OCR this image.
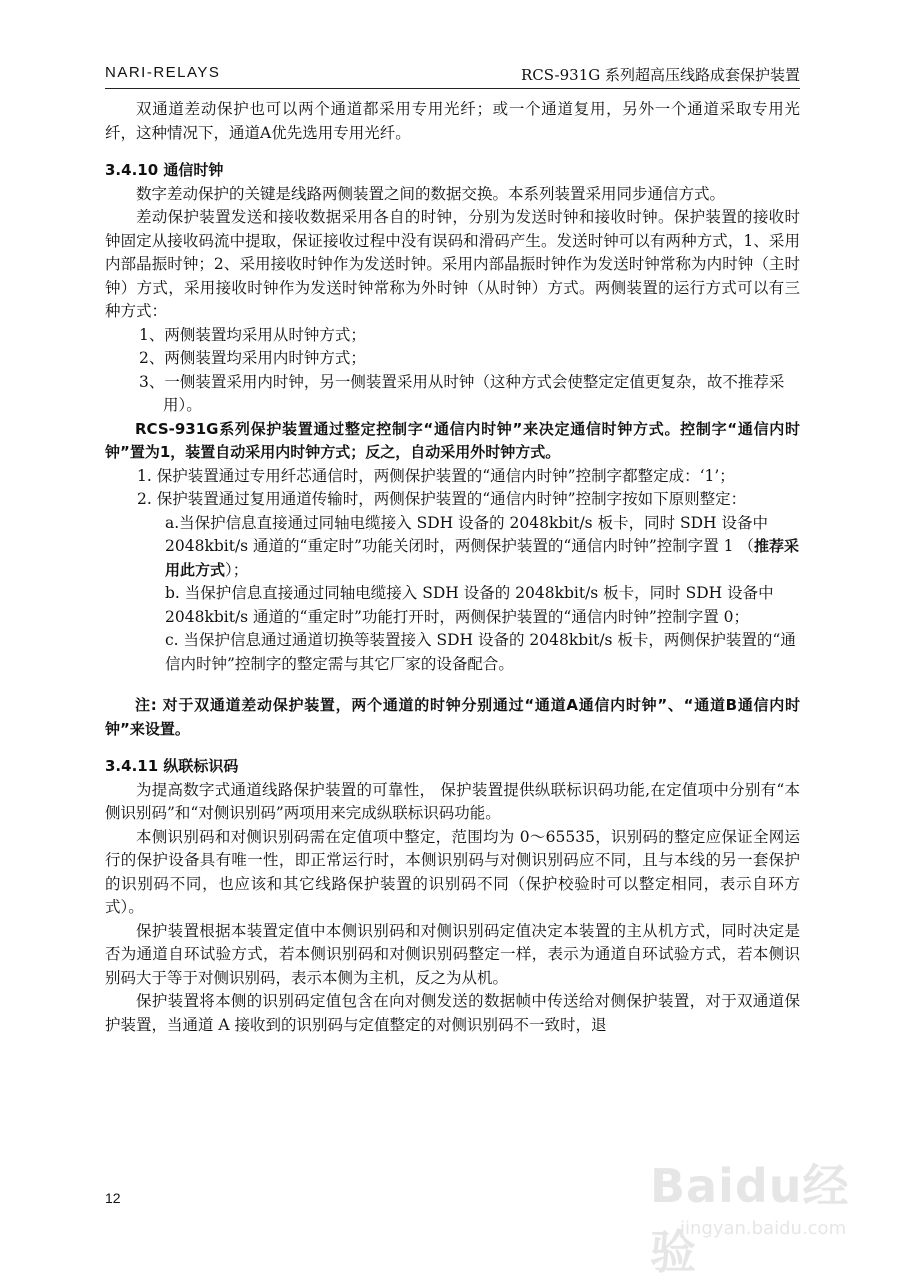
NARI-RELAYS	RCS-931G 系列超高压线路成套保护装置

双通道差动保护也可以两个通道都采用专用光纤；或一个通道复用，另外一个通道采取专用光纤，这种情况下，通道A优先选用专用光纤。

3.4.10 通信时钟

数字差动保护的关键是线路两侧装置之间的数据交换。本系列装置采用同步通信方式。

差动保护装置发送和接收数据采用各自的时钟，分别为发送时钟和接收时钟。保护装置的接收时钟固定从接收码流中提取，保证接收过程中没有误码和滑码产生。发送时钟可以有两种方式，1、采用内部晶振时钟；2、采用接收时钟作为发送时钟。采用内部晶振时钟作为发送时钟常称为内时钟（主时钟）方式，采用接收时钟作为发送时钟常称为外时钟（从时钟）方式。两侧装置的运行方式可以有三种方式：

1、两侧装置均采用从时钟方式；

2、两侧装置均采用内时钟方式；

3、一侧装置采用内时钟，另一侧装置采用从时钟（这种方式会使整定定值更复杂，故不推荐采用）。

RCS-931G系列保护装置通过整定控制字“通信内时钟”来决定通信时钟方式。控制字“通信内时钟”置为1，装置自动采用内时钟方式；反之，自动采用外时钟方式。

1. 保护装置通过专用纤芯通信时，两侧保护装置的“通信内时钟”控制字都整定成：‘1’；

2. 保护装置通过复用通道传输时，两侧保护装置的“通信内时钟”控制字按如下原则整定：

a.当保护信息直接通过同轴电缆接入 SDH 设备的 2048kbit/s 板卡，同时 SDH 设备中 2048kbit/s 通道的“重定时”功能关闭时，两侧保护装置的“通信内时钟”控制字置 1 （推荐采用此方式）；

b. 当保护信息直接通过同轴电缆接入 SDH 设备的 2048kbit/s 板卡，同时 SDH 设备中 2048kbit/s 通道的“重定时”功能打开时，两侧保护装置的“通信内时钟”控制字置 0；

c. 当保护信息通过通道切换等装置接入 SDH 设备的 2048kbit/s 板卡，两侧保护装置的“通信内时钟”控制字的整定需与其它厂家的设备配合。

注: 对于双通道差动保护装置，两个通道的时钟分别通过“通道A通信内时钟”、“通道B通信内时钟”来设置。

3.4.11 纵联标识码

为提高数字式通道线路保护装置的可靠性， 保护装置提供纵联标识码功能,在定值项中分别有“本侧识别码”和“对侧识别码”两项用来完成纵联标识码功能。

本侧识别码和对侧识别码需在定值项中整定，范围均为 0～65535，识别码的整定应保证全网运行的保护设备具有唯一性，即正常运行时，本侧识别码与对侧识别码应不同，且与本线的另一套保护的识别码不同，也应该和其它线路保护装置的识别码不同（保护校验时可以整定相同，表示自环方式）。

保护装置根据本装置定值中本侧识别码和对侧识别码定值决定本装置的主从机方式，同时决定是否为通道自环试验方式，若本侧识别码和对侧识别码整定一样，表示为通道自环试验方式，若本侧识别码大于等于对侧识别码，表示本侧为主机，反之为从机。

保护装置将本侧的识别码定值包含在向对侧发送的数据帧中传送给对侧保护装置，对于双通道保护装置，当通道 A 接收到的识别码与定值整定的对侧识别码不一致时，退

12	Baidu经验
jingyan.baidu.com
